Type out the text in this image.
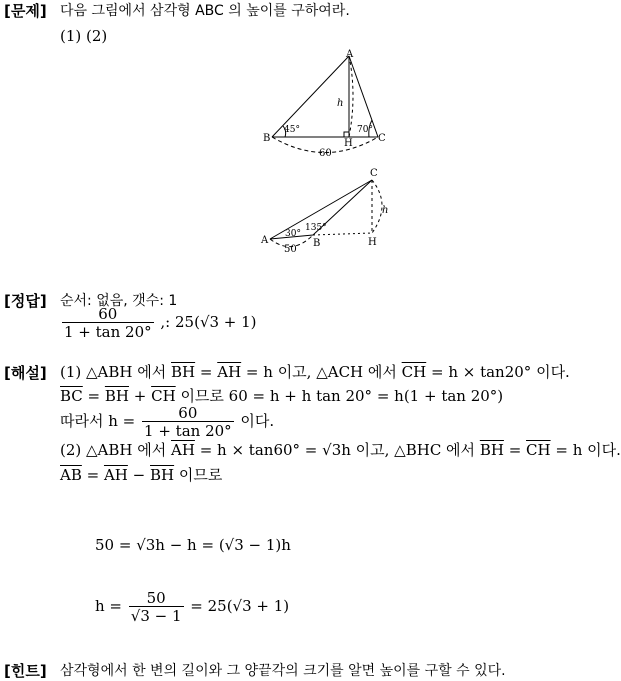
[문제] 다음 그림에서 삼각형 ABC 의 높이를 구하여라.
(1) (2)
A
B	C
H
h
45°	70°
60
C
A	B	H
h
30°
135°
50
[정답] 순서: 없음, 갯수: 1
$\frac{60}{1 + \tan 20^\circ}$ ,: 25(√3 + 1)
[해설] (1) △ABH 에서 $\overline{BH} = \overline{AH} = h$ 이고, △ACH 에서 $\overline{CH} = h \times \tan 20^\circ$ 이다.
$\overline{BC} = \overline{BH} + \overline{CH}$ 이므로 60 = h + h tan 20° = h(1 + tan 20°)
따라서 $h = \frac{60}{1 + \tan 20^\circ}$ 이다.
(2) △ABH 에서 $\overline{AH} = h \times \tan 60^\circ = √3h$ 이고, △BHC 에서 $\overline{BH} = \overline{CH} = h$ 이다.
$\overline{AB} = \overline{AH} - \overline{BH}$ 이므로
50 = √3h − h = (√3 − 1)h
$h = \frac{50}{√3 - 1} = 25(√3 + 1)$
[힌트] 삼각형에서 한 변의 길이와 그 양끝각의 크기를 알면 높이를 구할 수 있다.
